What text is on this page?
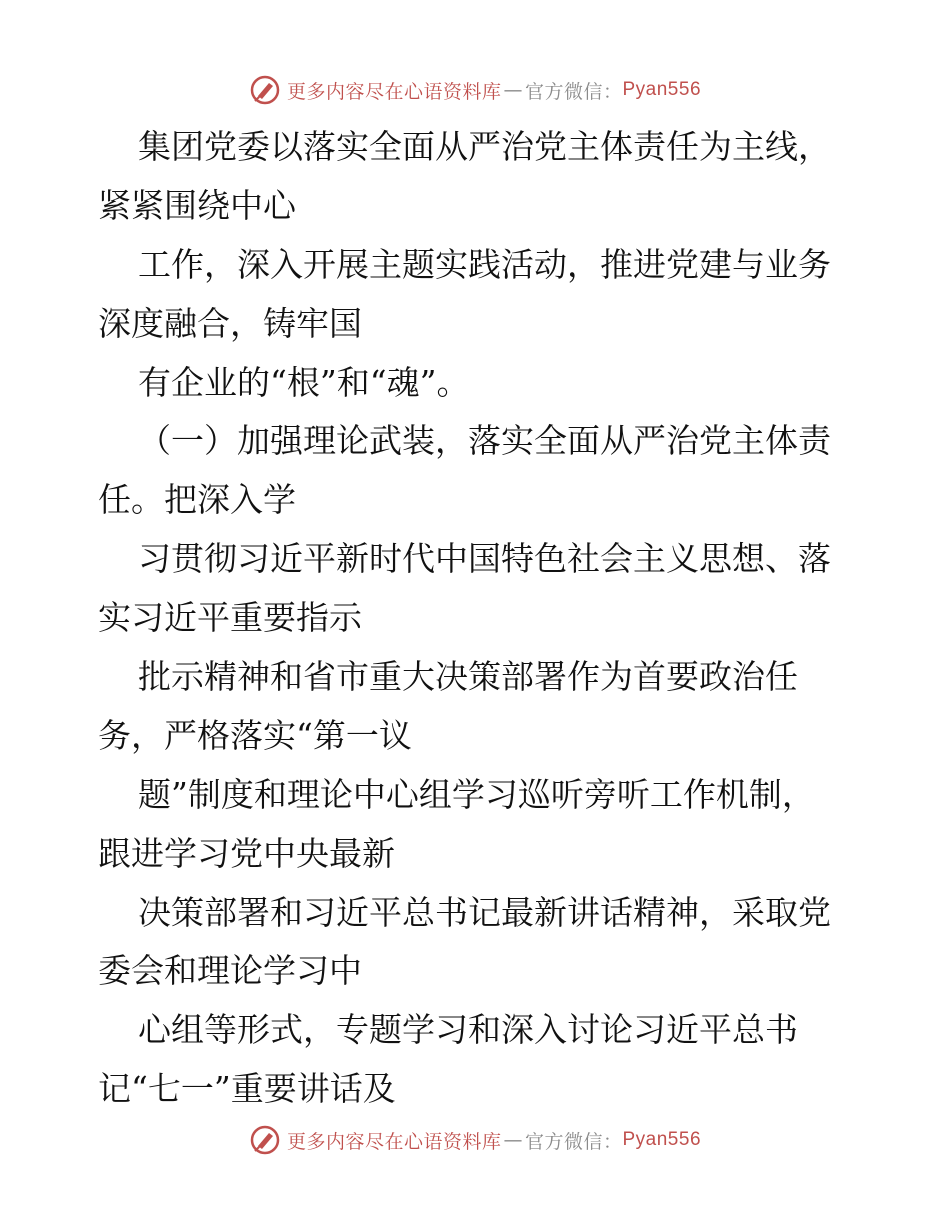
更多内容尽在心语资料库 — 官方微信： Pyan556
集团党委以落实全面从严治党主体责任为主线，
紧紧围绕中心
工作，深入开展主题实践活动，推进党建与业务
深度融合，铸牢国
有企业的“根”和“魂”。
（一）加强理论武装，落实全面从严治党主体责
任。把深入学
习贯彻习近平新时代中国特色社会主义思想、落
实习近平重要指示
批示精神和省市重大决策部署作为首要政治任
务，严格落实“第一议
题”制度和理论中心组学习巡听旁听工作机制，
跟进学习党中央最新
决策部署和习近平总书记最新讲话精神，采取党
委会和理论学习中
心组等形式，专题学习和深入讨论习近平总书
记“七一”重要讲话及
更多内容尽在心语资料库 — 官方微信： Pyan556
